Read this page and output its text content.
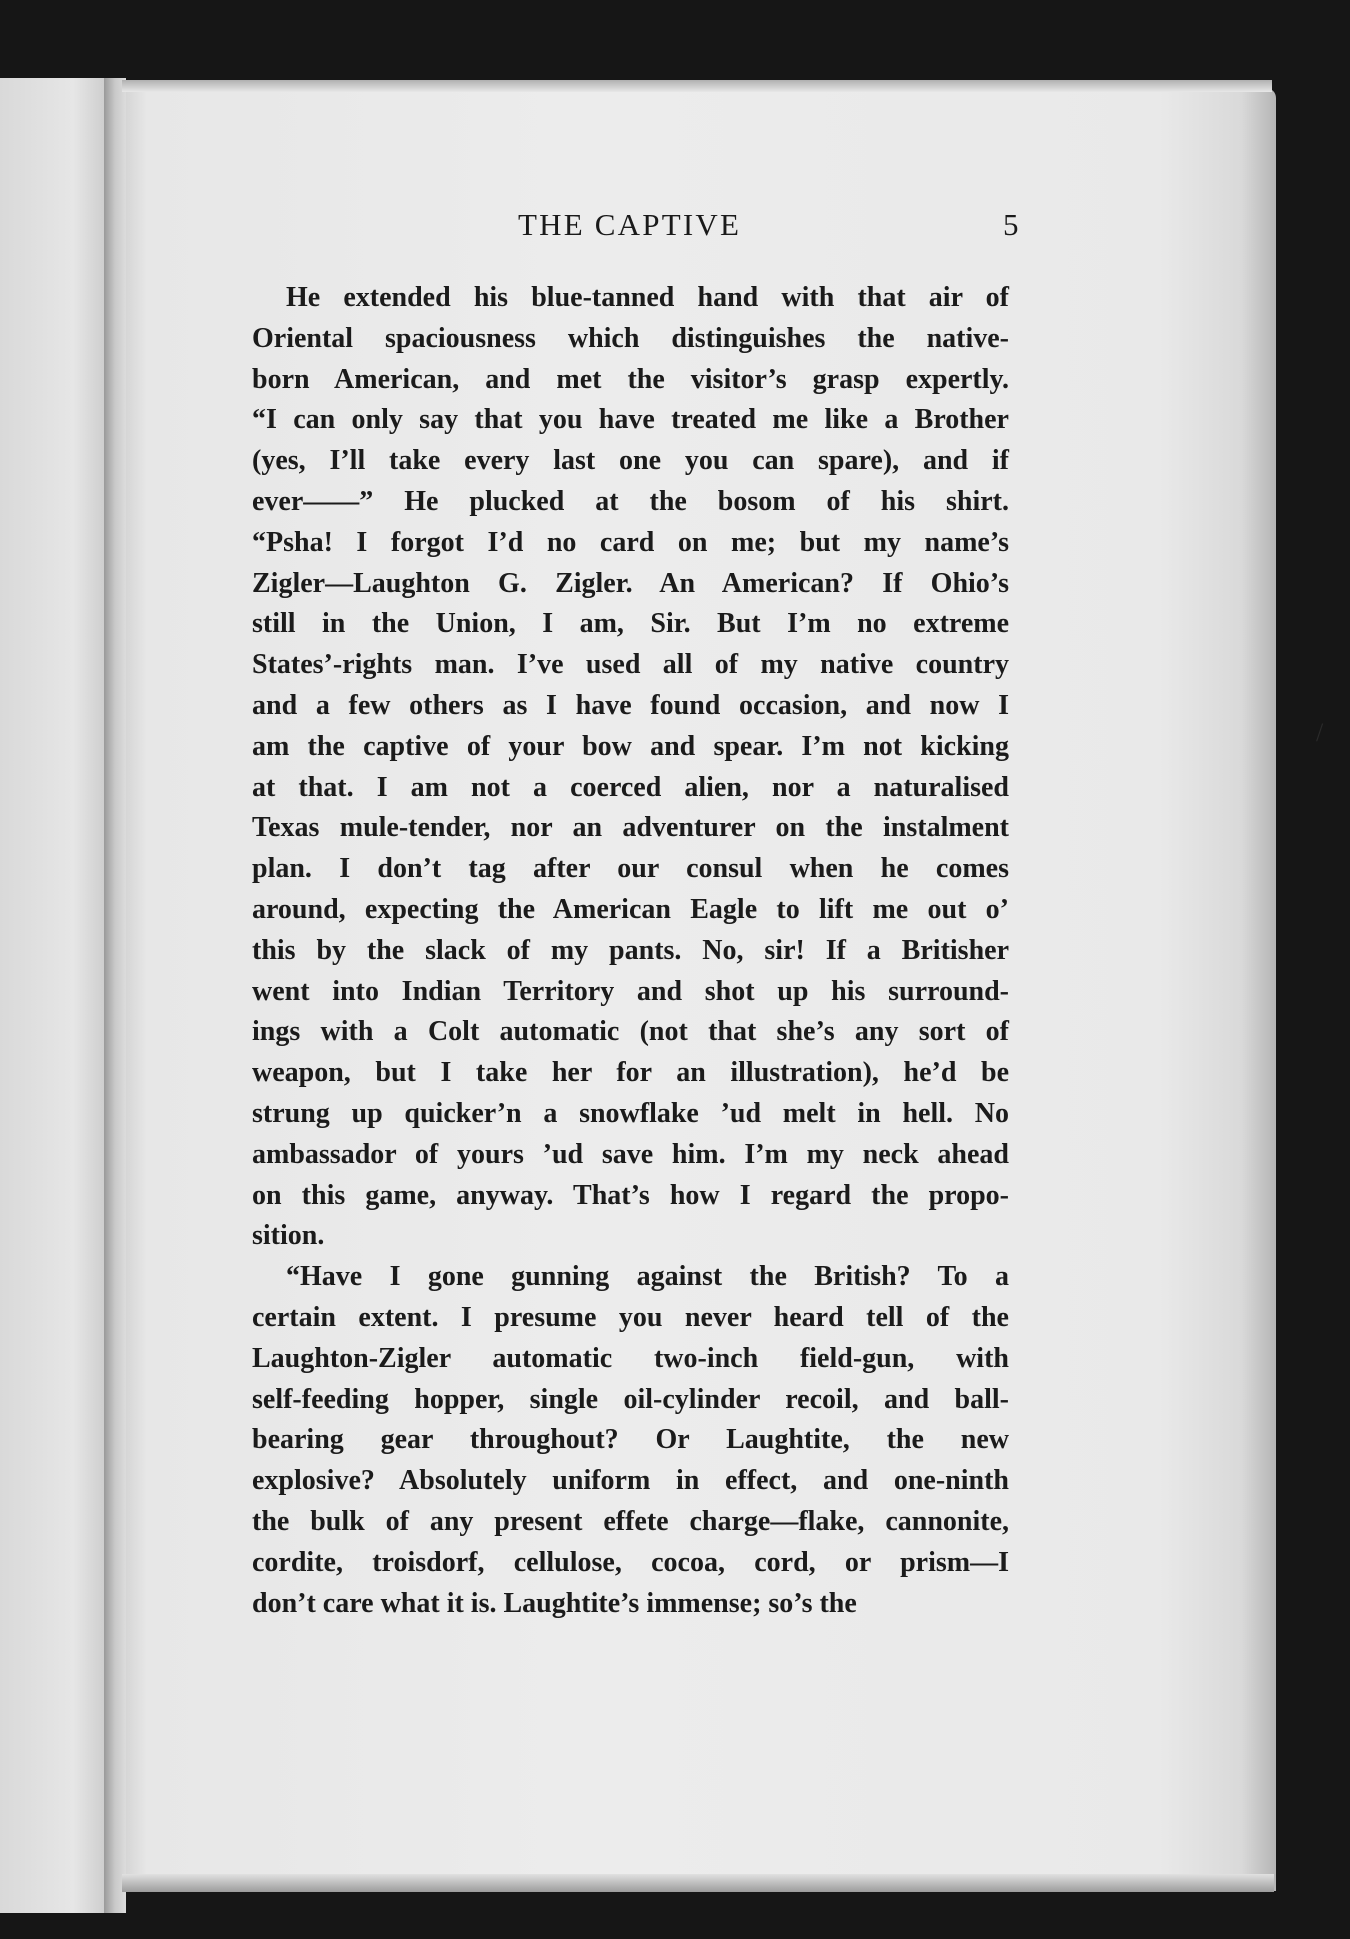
THE CAPTIVE	5

He extended his blue-tanned hand with that air of
Oriental spaciousness which distinguishes the native-
born American, and met the visitor’s grasp expertly.
“I can only say that you have treated me like a Brother
(yes, I’ll take every last one you can spare), and if
ever——” He plucked at the bosom of his shirt.
“Psha! I forgot I’d no card on me; but my name’s
Zigler—Laughton G. Zigler. An American? If Ohio’s
still in the Union, I am, Sir. But I’m no extreme
States’-rights man. I’ve used all of my native country
and a few others as I have found occasion, and now I
am the captive of your bow and spear. I’m not kicking
at that. I am not a coerced alien, nor a naturalised
Texas mule-tender, nor an adventurer on the instalment
plan. I don’t tag after our consul when he comes
around, expecting the American Eagle to lift me out o’
this by the slack of my pants. No, sir! If a Britisher
went into Indian Territory and shot up his surround-
ings with a Colt automatic (not that she’s any sort of
weapon, but I take her for an illustration), he’d be
strung up quicker’n a snowflake ’ud melt in hell. No
ambassador of yours ’ud save him. I’m my neck ahead
on this game, anyway. That’s how I regard the propo-
sition.

“Have I gone gunning against the British? To a
certain extent. I presume you never heard tell of the
Laughton-Zigler automatic two-inch field-gun, with
self-feeding hopper, single oil-cylinder recoil, and ball-
bearing gear throughout? Or Laughtite, the new
explosive? Absolutely uniform in effect, and one-ninth
the bulk of any present effete charge—flake, cannonite,
cordite, troisdorf, cellulose, cocoa, cord, or prism—I
don’t care what it is. Laughtite’s immense; so’s the

/
